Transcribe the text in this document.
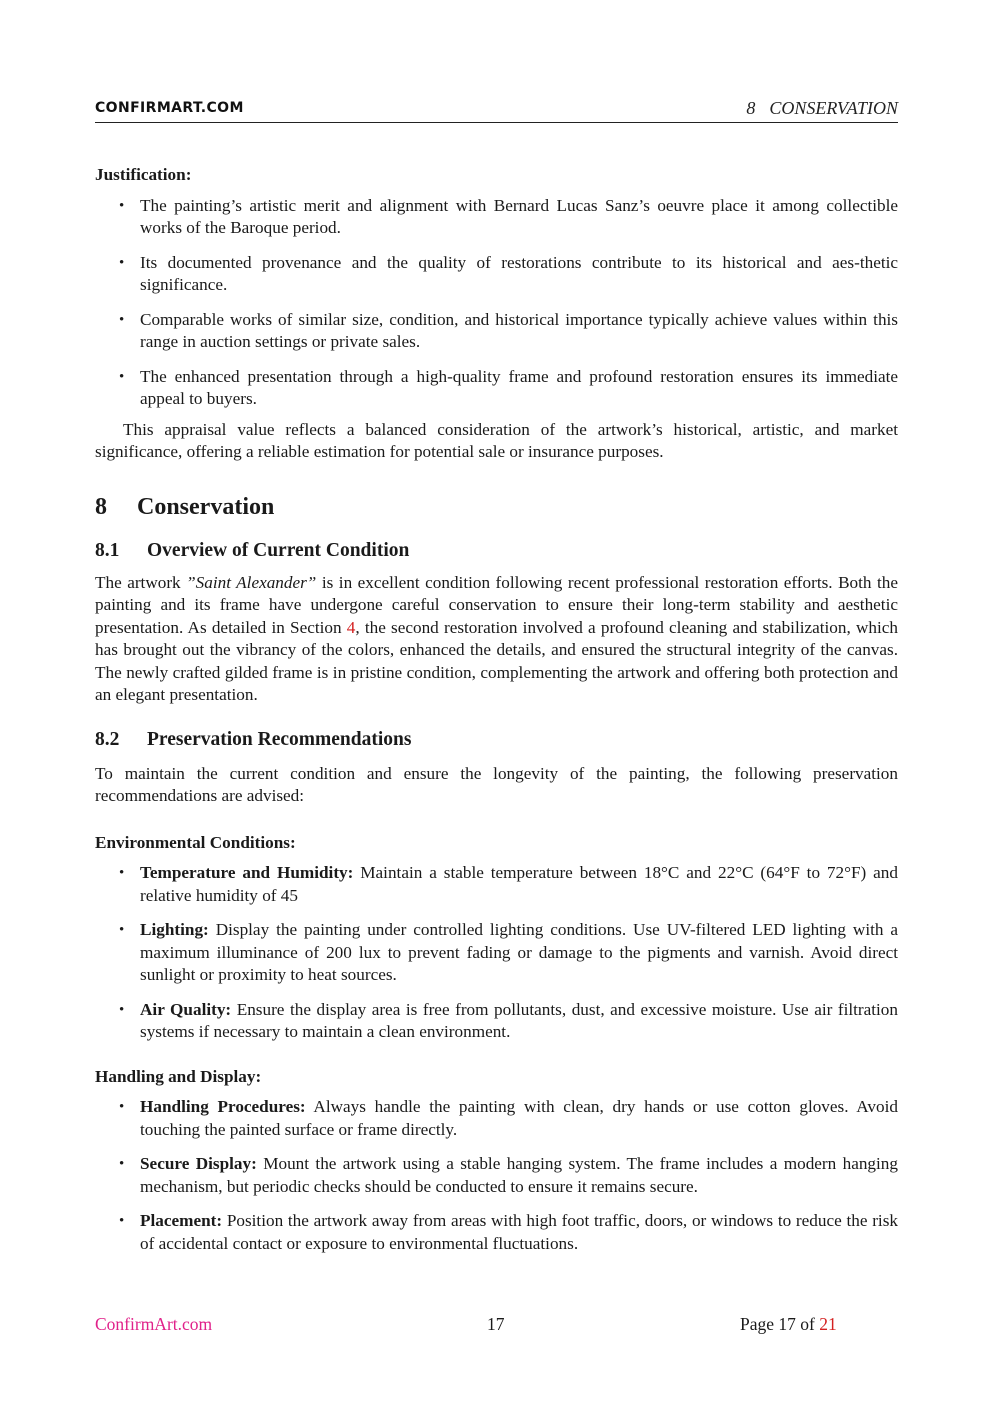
CONFIRMART.COM	8 CONSERVATION

Justification:

• The painting’s artistic merit and alignment with Bernard Lucas Sanz’s oeuvre place it among collectible works of the Baroque period.
• Its documented provenance and the quality of restorations contribute to its historical and aes-thetic significance.
• Comparable works of similar size, condition, and historical importance typically achieve values within this range in auction settings or private sales.
• The enhanced presentation through a high-quality frame and profound restoration ensures its immediate appeal to buyers.

This appraisal value reflects a balanced consideration of the artwork’s historical, artistic, and market significance, offering a reliable estimation for potential sale or insurance purposes.

8 Conservation
8.1 Overview of Current Condition

The artwork ”Saint Alexander” is in excellent condition following recent professional restoration efforts. Both the painting and its frame have undergone careful conservation to ensure their long-term stability and aesthetic presentation. As detailed in Section 4, the second restoration involved a profound cleaning and stabilization, which has brought out the vibrancy of the colors, enhanced the details, and ensured the structural integrity of the canvas. The newly crafted gilded frame is in pristine condition, complementing the artwork and offering both protection and an elegant presentation.

8.2 Preservation Recommendations

To maintain the current condition and ensure the longevity of the painting, the following preservation recommendations are advised:

Environmental Conditions:

• Temperature and Humidity: Maintain a stable temperature between 18°C and 22°C (64°F to 72°F) and relative humidity of 45
• Lighting: Display the painting under controlled lighting conditions. Use UV-filtered LED lighting with a maximum illuminance of 200 lux to prevent fading or damage to the pigments and varnish. Avoid direct sunlight or proximity to heat sources.
• Air Quality: Ensure the display area is free from pollutants, dust, and excessive moisture. Use air filtration systems if necessary to maintain a clean environment.

Handling and Display:

• Handling Procedures: Always handle the painting with clean, dry hands or use cotton gloves. Avoid touching the painted surface or frame directly.
• Secure Display: Mount the artwork using a stable hanging system. The frame includes a modern hanging mechanism, but periodic checks should be conducted to ensure it remains secure.
• Placement: Position the artwork away from areas with high foot traffic, doors, or windows to reduce the risk of accidental contact or exposure to environmental fluctuations.
ConfirmArt.com	17	Page 17 of 21
